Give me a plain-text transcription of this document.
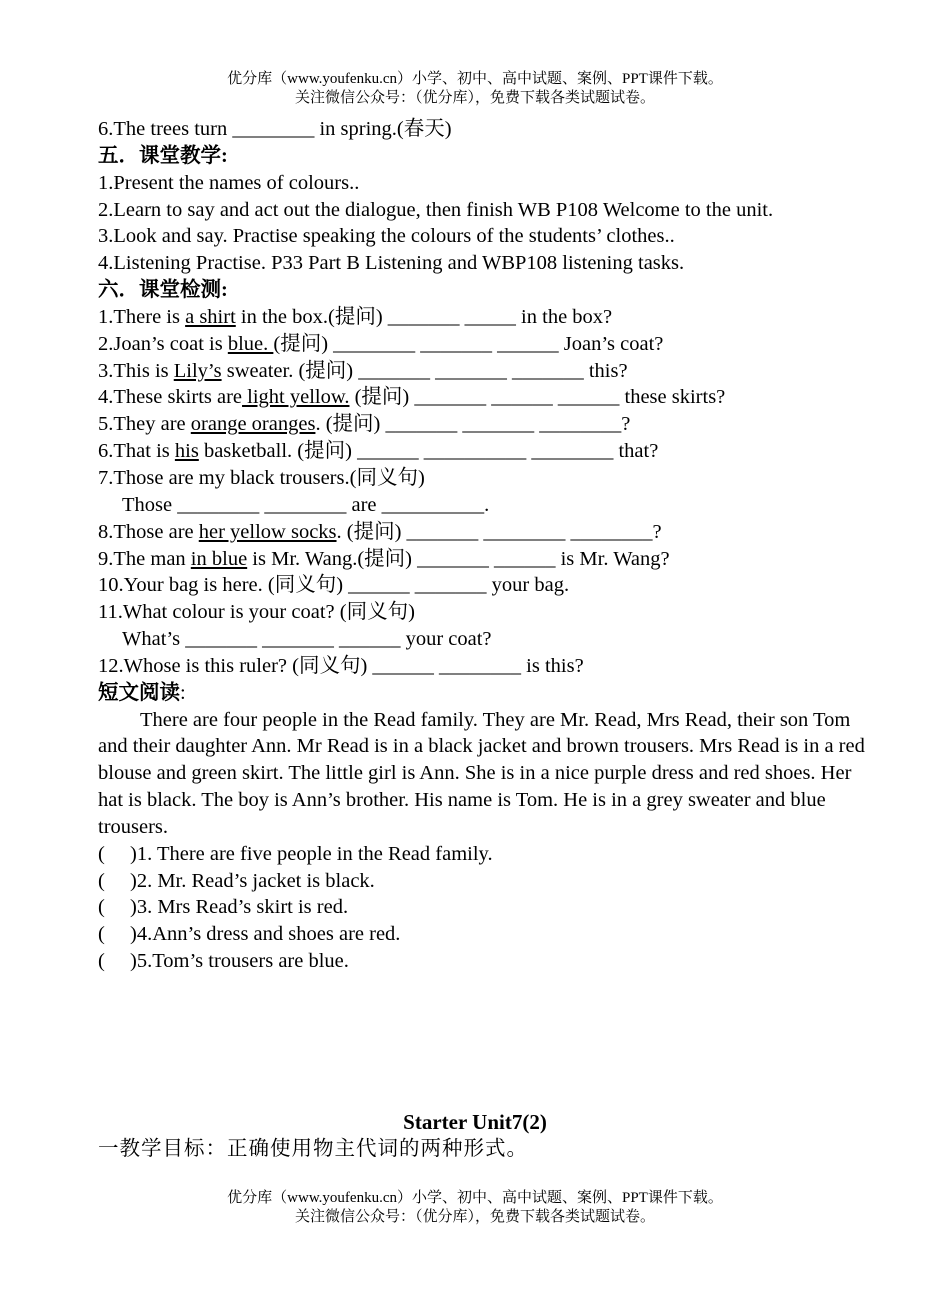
优分库（www.youfenku.cn）小学、初中、高中试题、案例、PPT课件下载。
关注微信公众号：（优分库），免费下载各类试题试卷。
6.The trees turn ________ in spring.(春天)
五．课堂教学:
1.Present the names of colours..
2.Learn to say and act out the dialogue, then finish WB P108 Welcome to the unit.
3.Look and say. Practise speaking the colours of the students’ clothes..
4.Listening Practise. P33 Part B Listening and WBP108 listening tasks.
六．课堂检测:
1.There is a shirt in the box.(提问) _______ _____ in the box?
2.Joan’s coat is blue. (提问) ________ _______ ______ Joan’s coat?
3.This is Lily’s sweater. (提问) _______ _______ _______ this?
4.These skirts are light yellow. (提问) _______ ______ ______ these skirts?
5.They are orange oranges. (提问) _______ _______ ________?
6.That is his basketball. (提问) ______ __________ ________ that?
7.Those are my black trousers.(同义句)
Those ________ ________ are __________.
8.Those are her yellow socks. (提问) _______ ________ ________?
9.The man in blue is Mr. Wang.(提问) _______ ______ is Mr. Wang?
10.Your bag is here. (同义句) ______ _______ your bag.
11.What colour is your coat? (同义句)
What’s _______ _______ ______ your coat?
12.Whose is this ruler? (同义句) ______ ________ is this?
短文阅读:
There are four people in the Read family. They are Mr. Read, Mrs Read, their son Tom and their daughter Ann. Mr Read is in a black jacket and brown trousers. Mrs Read is in a red blouse and green skirt. The little girl is Ann. She is in a nice purple dress and red shoes. Her hat is black. The boy is Ann’s brother. His name is Tom. He is in a grey sweater and blue trousers.
( )1. There are five people in the Read family.
( )2. Mr. Read’s jacket is black.
( )3. Mrs Read’s skirt is red.
( )4.Ann’s dress and shoes are red.
( )5.Tom’s trousers are blue.
Starter Unit7(2)
一教学目标：正确使用物主代词的两种形式。
优分库（www.youfenku.cn）小学、初中、高中试题、案例、PPT课件下载。
关注微信公众号：（优分库），免费下载各类试题试卷。
